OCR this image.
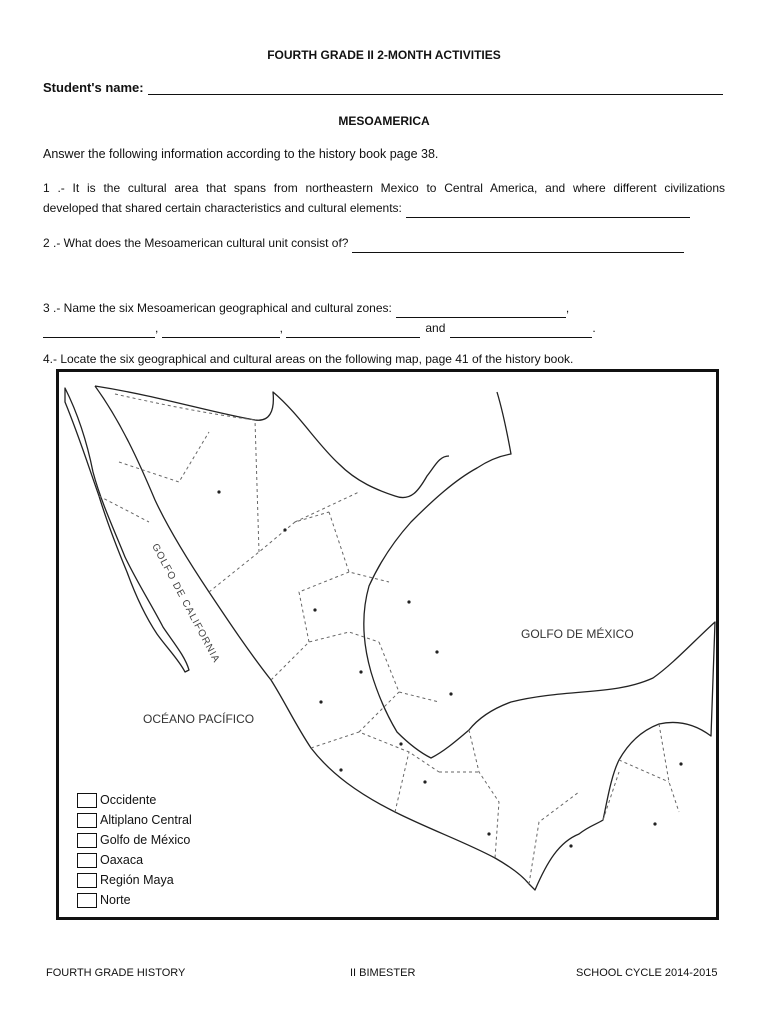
FOURTH GRADE II 2-MONTH ACTIVITIES
Student's name:
MESOAMERICA
Answer the following information according to the history book page 38.
1 .- It is the cultural area that spans from northeastern Mexico to Central America, and where different civilizations
developed that shared certain characteristics and cultural elements:
2 .- What does the Mesoamerican cultural unit consist of?
3 .- Name the six Mesoamerican geographical and cultural zones:	,
,	,	and	.
4.- Locate the six geographical and cultural areas on the following map, page 41 of the history book.
GOLFO DE MÉXICO
OCÉANO PACÍFICO
GOLFO DE CALIFORNIA
Occidente
Altiplano Central
Golfo de México
Oaxaca
Región Maya
Norte
FOURTH GRADE HISTORY	II BIMESTER	SCHOOL CYCLE 2014-2015
